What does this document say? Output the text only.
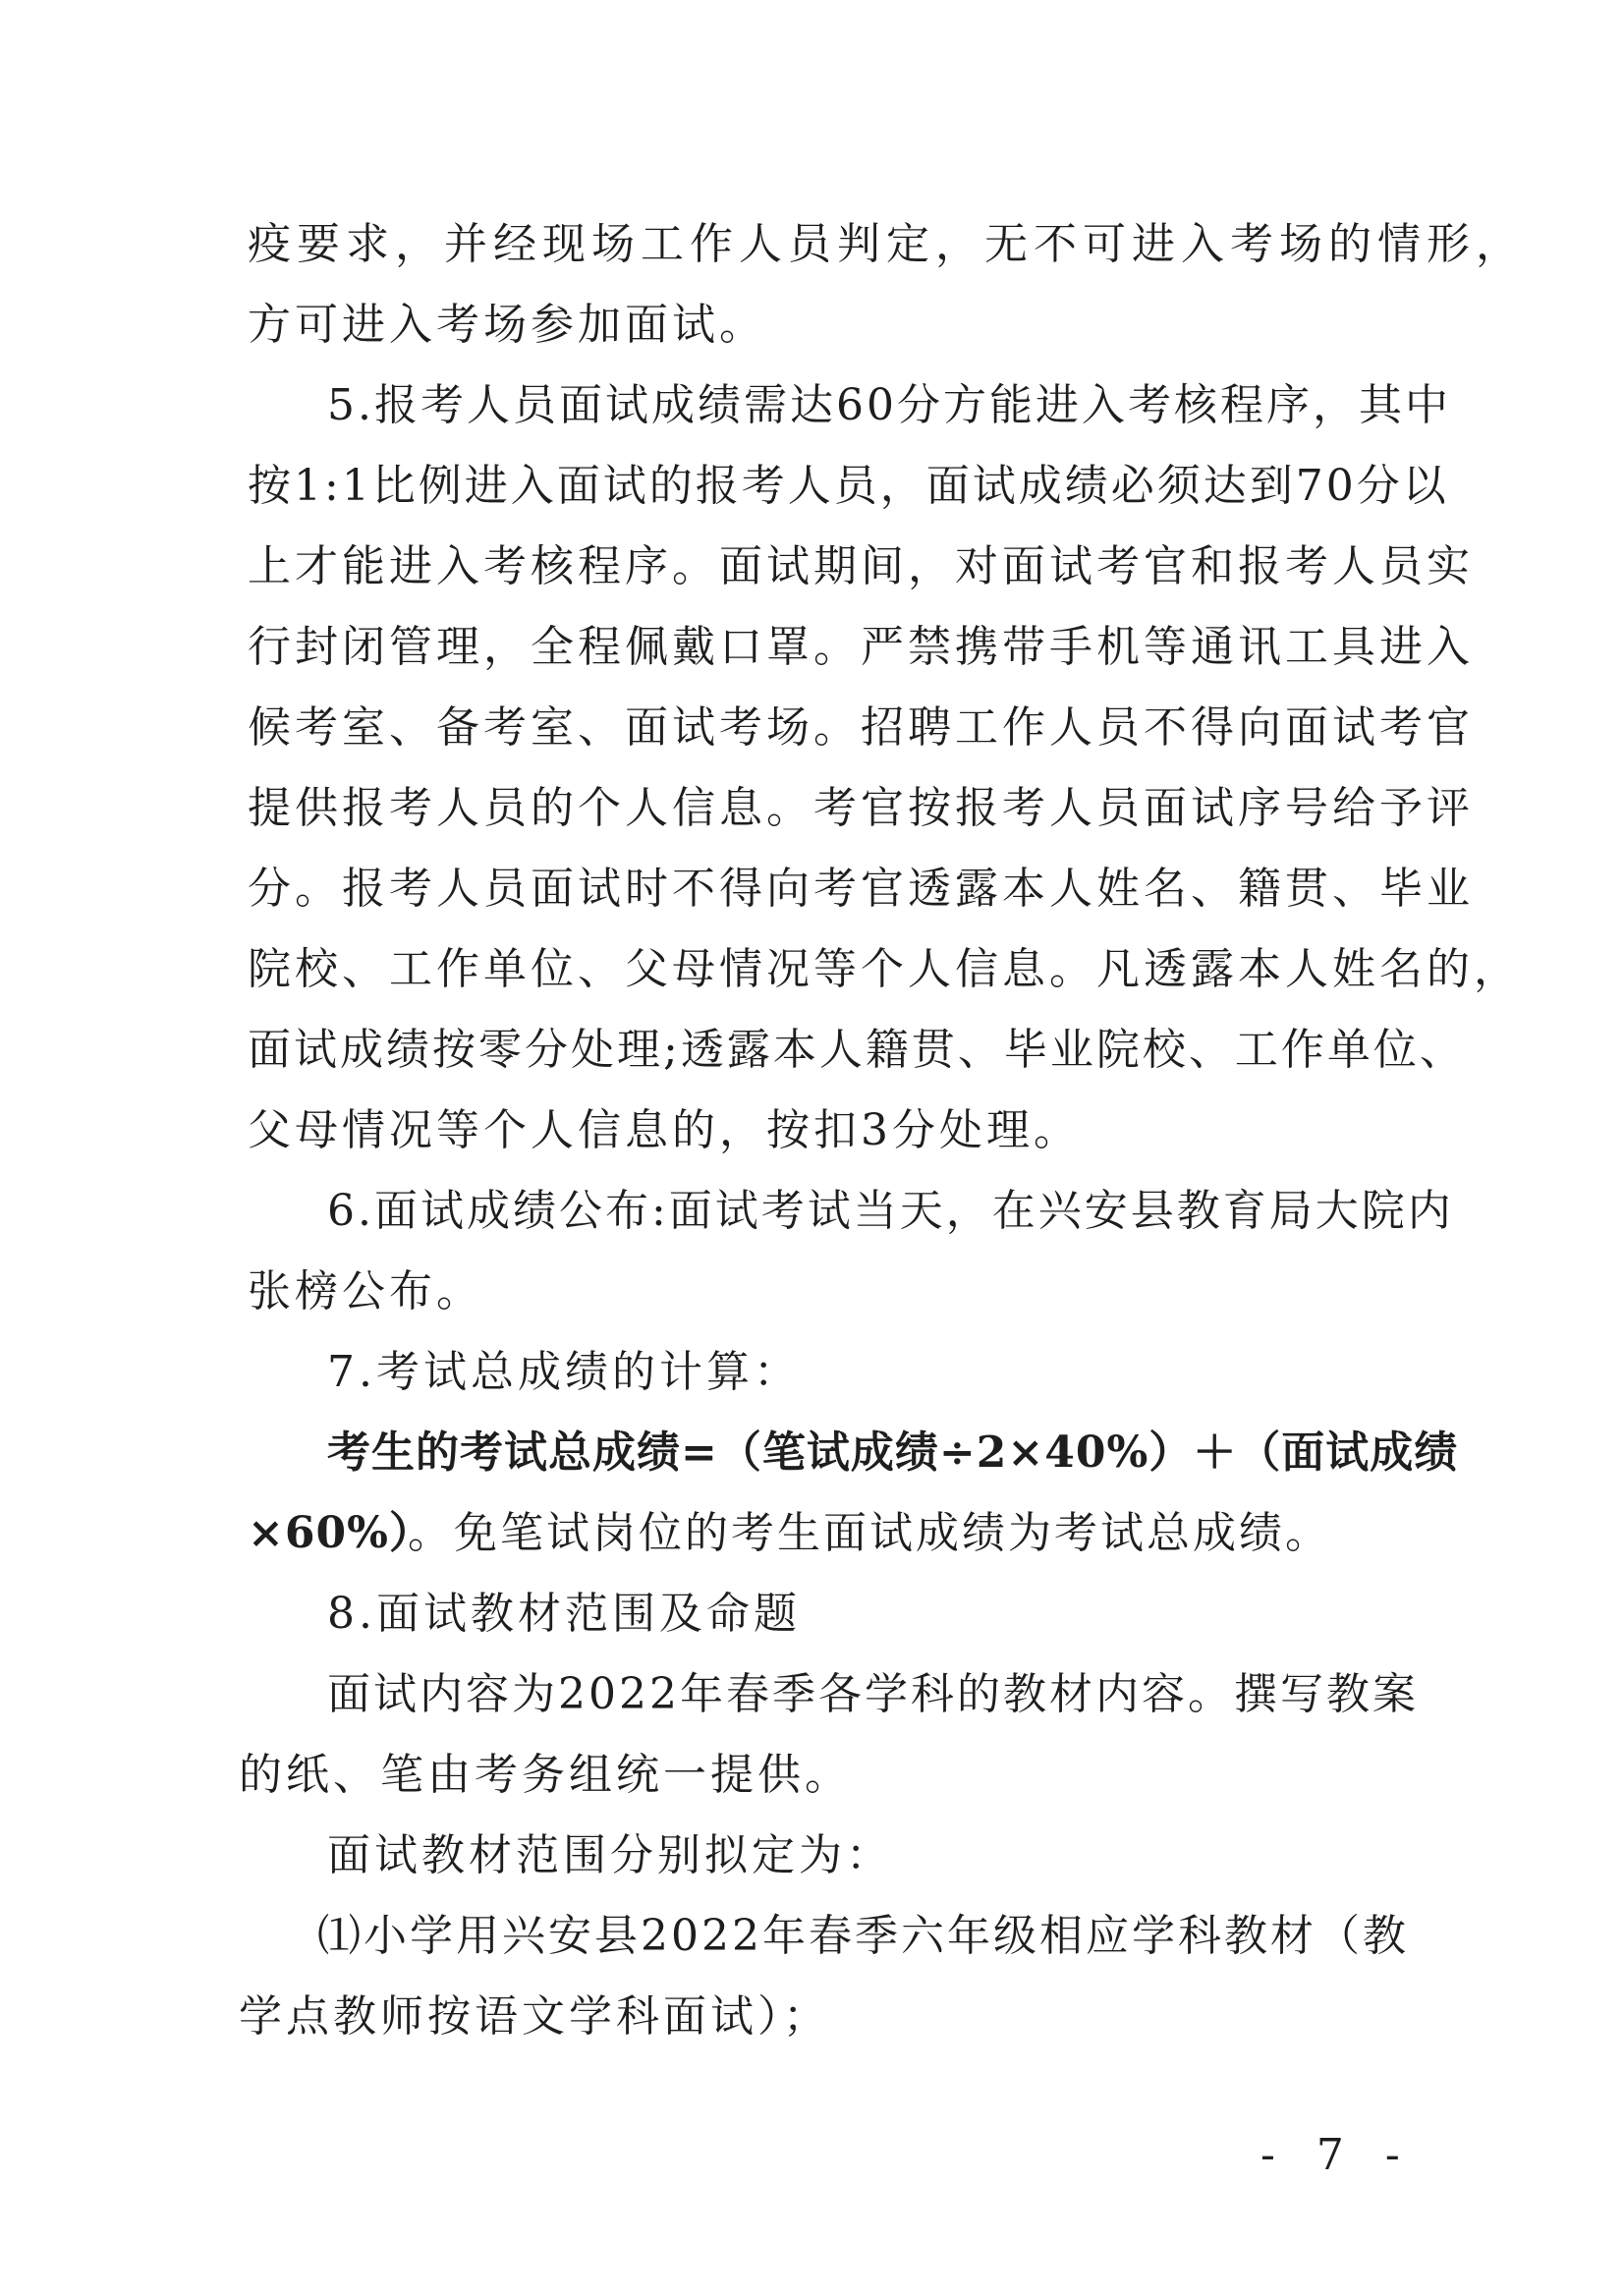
疫要求，并经现场工作人员判定，无不可进入考场的情形，
方可进入考场参加面试。
5.报考人员面试成绩需达60分方能进入考核程序，其中
按1:1比例进入面试的报考人员，面试成绩必须达到70分以
上才能进入考核程序。面试期间，对面试考官和报考人员实
行封闭管理，全程佩戴口罩。严禁携带手机等通讯工具进入
候考室、备考室、面试考场。招聘工作人员不得向面试考官
提供报考人员的个人信息。考官按报考人员面试序号给予评
分。报考人员面试时不得向考官透露本人姓名、籍贯、毕业
院校、工作单位、父母情况等个人信息。凡透露本人姓名的，
面试成绩按零分处理;透露本人籍贯、毕业院校、工作单位、
父母情况等个人信息的，按扣3分处理。
6.面试成绩公布:面试考试当天，在兴安县教育局大院内
张榜公布。
7.考试总成绩的计算：
考生的考试总成绩=（笔试成绩÷2×40%）＋（面试成绩
×60%）
。免笔试岗位的考生面试成绩为考试总成绩。
8.面试教材范围及命题
面试内容为2022年春季各学科的教材内容。撰写教案
的纸、笔由考务组统一提供。
面试教材范围分别拟定为：
⑴小学用兴安县2022年春季六年级相应学科教材（教
学点教师按语文学科面试）；
- 7 -
